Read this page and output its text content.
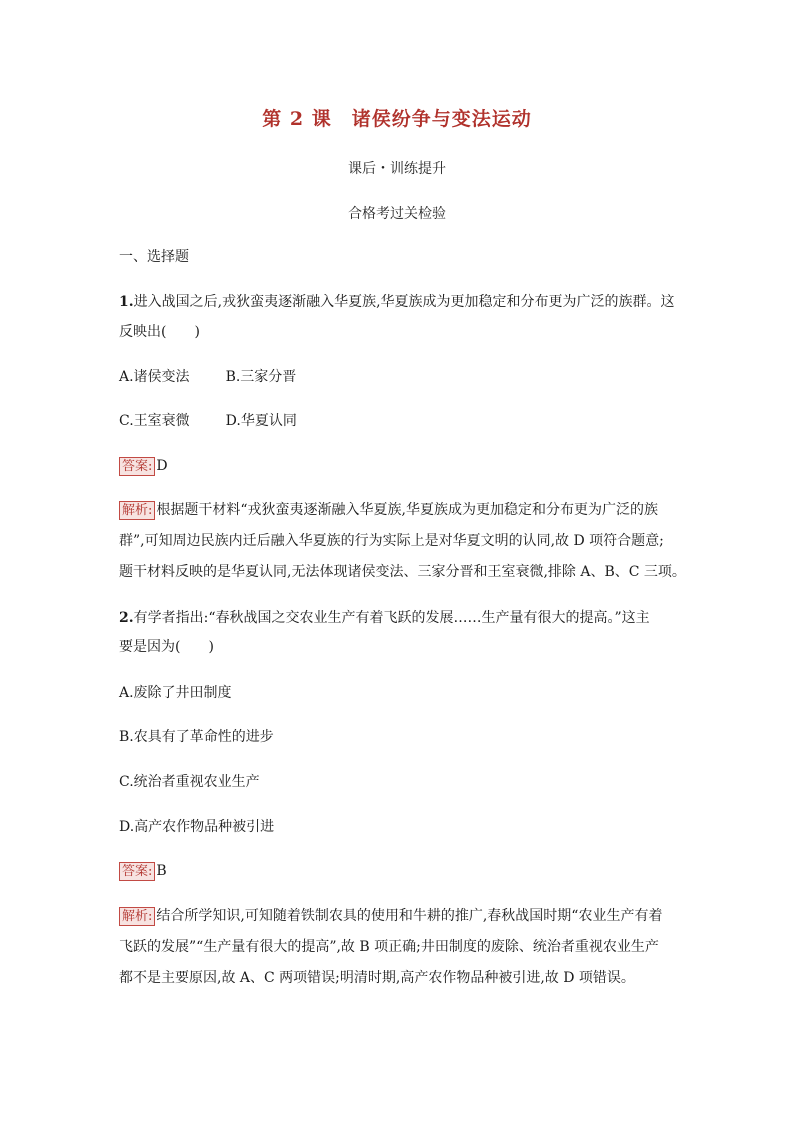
第 2 课　诸侯纷争与变法运动
课后・训练提升
合格考过关检验
一、选择题
1.进入战国之后,戎狄蛮夷逐渐融入华夏族,华夏族成为更加稳定和分布更为广泛的族群。这
反映出(　　)
A.诸侯变法	B.三家分晋
C.王室衰微	D.华夏认同
答案: D
解析: 根据题干材料“戎狄蛮夷逐渐融入华夏族,华夏族成为更加稳定和分布更为广泛的族
群”,可知周边民族内迁后融入华夏族的行为实际上是对华夏文明的认同,故 D 项符合题意;
题干材料反映的是华夏认同,无法体现诸侯变法、三家分晋和王室衰微,排除 A、B、C 三项。
2.有学者指出:“春秋战国之交农业生产有着飞跃的发展……生产量有很大的提高。”这主
要是因为(　　)
A.废除了井田制度
B.农具有了革命性的进步
C.统治者重视农业生产
D.高产农作物品种被引进
答案: B
解析: 结合所学知识,可知随着铁制农具的使用和牛耕的推广,春秋战国时期“农业生产有着
飞跃的发展”“生产量有很大的提高”,故 B 项正确;井田制度的废除、统治者重视农业生产
都不是主要原因,故 A、C 两项错误;明清时期,高产农作物品种被引进,故 D 项错误。
